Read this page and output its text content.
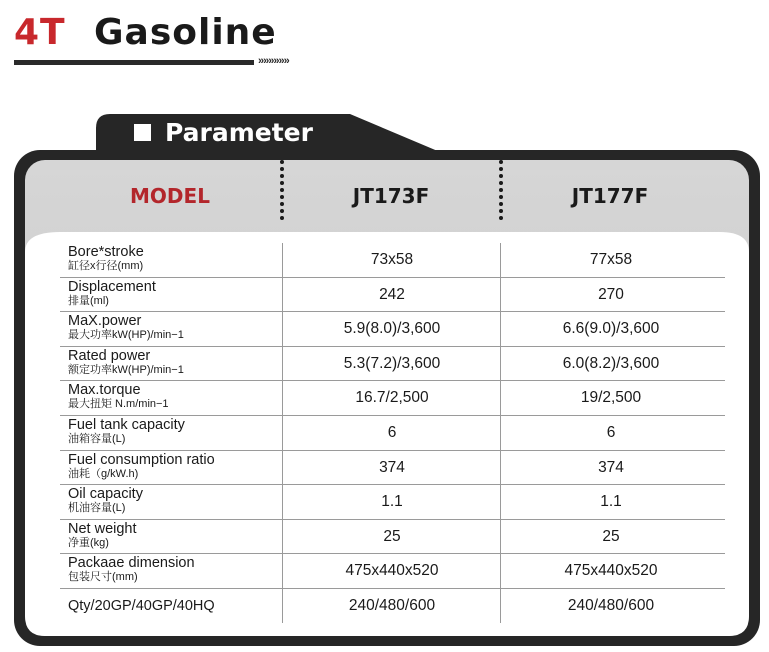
4T Gasoline
»»»»»»
Parameter
MODEL	JT173F	JT177F
Bore*stroke
缸径x行径(mm)	73x58	77x58
Displacement
排量(ml)	242	270
MaX.power
最大功率kW(HP)/min−1	5.9(8.0)/3,600	6.6(9.0)/3,600
Rated power
额定功率kW(HP)/min−1	5.3(7.2)/3,600	6.0(8.2)/3,600
Max.torque
最大扭矩 N.m/min−1	16.7/2,500	19/2,500
Fuel tank capacity
油箱容量(L)	6	6
Fuel consumption ratio
油耗（g/kW.h)	374	374
Oil capacity
机油容量(L)	1.1	1.1
Net weight
净重(kg)	25	25
Packaae dimension
包装尺寸(mm)	475x440x520	475x440x520
Qty/20GP/40GP/40HQ	240/480/600	240/480/600
